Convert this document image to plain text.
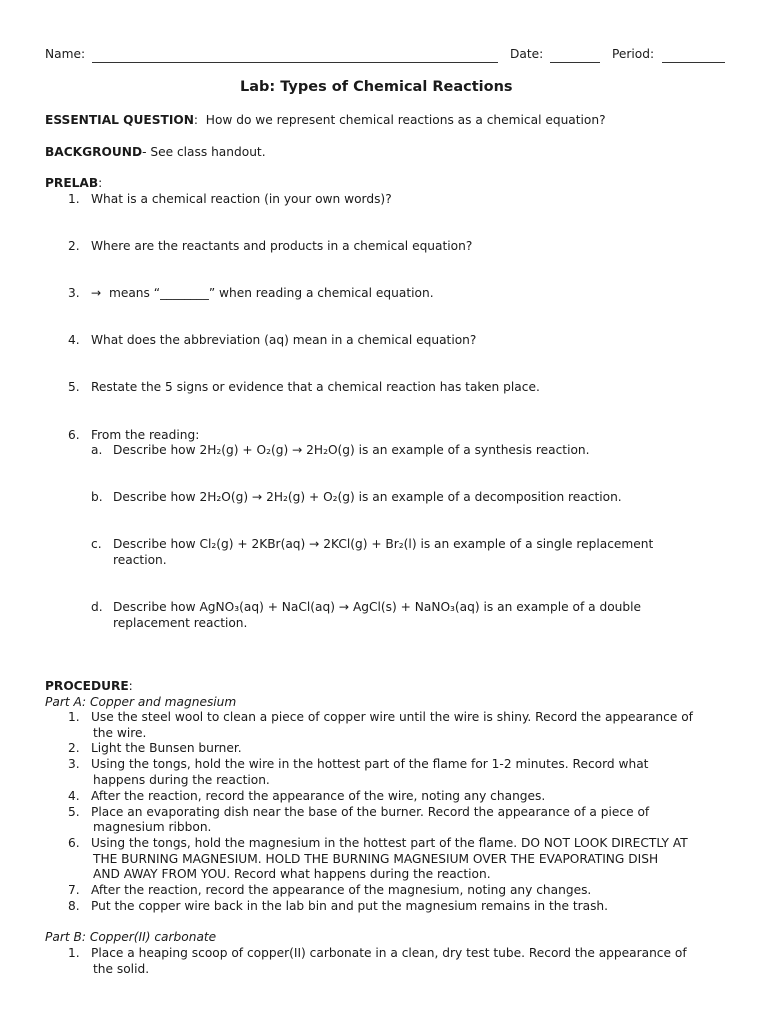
Name:	Date:	Period:
Lab: Types of Chemical Reactions
ESSENTIAL QUESTION: How do we represent chemical reactions as a chemical equation?
BACKGROUND- See class handout.
PRELAB:
1. What is a chemical reaction (in your own words)?
2. Where are the reactants and products in a chemical equation?
3. → means “________” when reading a chemical equation.
4. What does the abbreviation (aq) mean in a chemical equation?
5. Restate the 5 signs or evidence that a chemical reaction has taken place.
6. From the reading:
a. Describe how 2H₂(g) + O₂(g) → 2H₂O(g) is an example of a synthesis reaction.
b. Describe how 2H₂O(g) → 2H₂(g) + O₂(g) is an example of a decomposition reaction.
c. Describe how Cl₂(g) + 2KBr(aq) → 2KCl(g) + Br₂(l) is an example of a single replacement
reaction.
d. Describe how AgNO₃(aq) + NaCl(aq) → AgCl(s) + NaNO₃(aq) is an example of a double
replacement reaction.
PROCEDURE:
Part A: Copper and magnesium
1. Use the steel wool to clean a piece of copper wire until the wire is shiny. Record the appearance of
the wire.
2. Light the Bunsen burner.
3. Using the tongs, hold the wire in the hottest part of the flame for 1-2 minutes. Record what
happens during the reaction.
4. After the reaction, record the appearance of the wire, noting any changes.
5. Place an evaporating dish near the base of the burner. Record the appearance of a piece of
magnesium ribbon.
6. Using the tongs, hold the magnesium in the hottest part of the flame. DO NOT LOOK DIRECTLY AT
THE BURNING MAGNESIUM. HOLD THE BURNING MAGNESIUM OVER THE EVAPORATING DISH
AND AWAY FROM YOU. Record what happens during the reaction.
7. After the reaction, record the appearance of the magnesium, noting any changes.
8. Put the copper wire back in the lab bin and put the magnesium remains in the trash.
Part B: Copper(II) carbonate
1. Place a heaping scoop of copper(II) carbonate in a clean, dry test tube. Record the appearance of
the solid.
